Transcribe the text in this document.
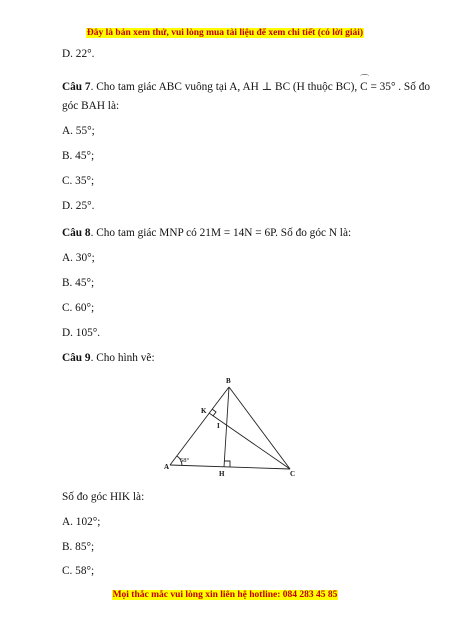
Đây là bản xem thử, vui lòng mua tài liệu để xem chi tiết (có lời giải)
D. 22°.
Câu 7. Cho tam giác ABC vuông tại A, AH ⊥ BC (H thuộc BC),
⌒
C = 35° . Số đo
góc BAH là:
A. 55°;
B. 45°;
C. 35°;
D. 25°.
Câu 8. Cho tam giác MNP có 21M = 14N = 6P. Số đo góc N là:
A. 30°;
B. 45°;
C. 60°;
D. 105°.
Câu 9. Cho hình vẽ:
B
K
I
A
H	C
58°
Số đo góc HIK là:
A. 102°;
B. 85°;
C. 58°;
Mọi thắc mắc vui lòng xin liên hệ hotline: 084 283 45 85
